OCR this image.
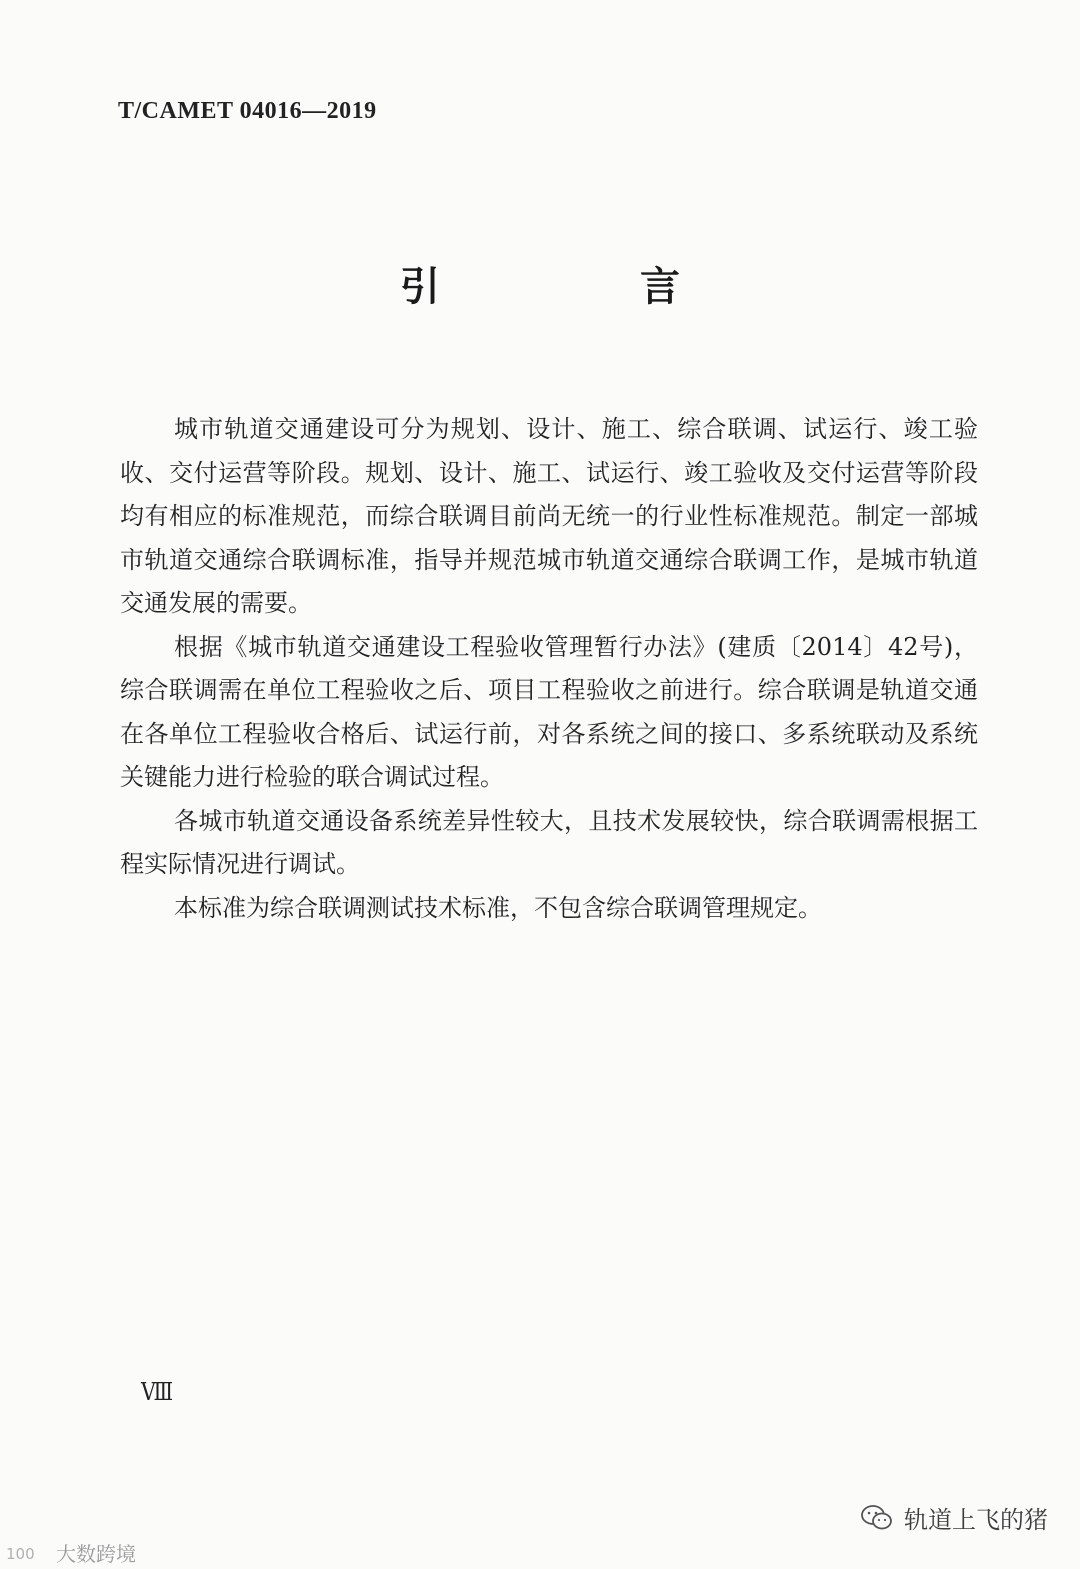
T/CAMET 04016—2019
引　言

城市轨道交通建设可分为规划、设计、施工、综合联调、试运行、竣工验收、交付运营等阶段。规划、设计、施工、试运行、竣工验收及交付运营等阶段均有相应的标准规范，而综合联调目前尚无统一的行业性标准规范。制定一部城市轨道交通综合联调标准，指导并规范城市轨道交通综合联调工作，是城市轨道交通发展的需要。

根据《城市轨道交通建设工程验收管理暂行办法》(建质〔2014〕42号)，综合联调需在单位工程验收之后、项目工程验收之前进行。综合联调是轨道交通在各单位工程验收合格后、试运行前，对各系统之间的接口、多系统联动及系统关键能力进行检验的联合调试过程。

各城市轨道交通设备系统差异性较大，且技术发展较快，综合联调需根据工程实际情况进行调试。

本标准为综合联调测试技术标准，不包含综合联调管理规定。

Ⅷ
轨道上飞的猪
100 大数跨境
